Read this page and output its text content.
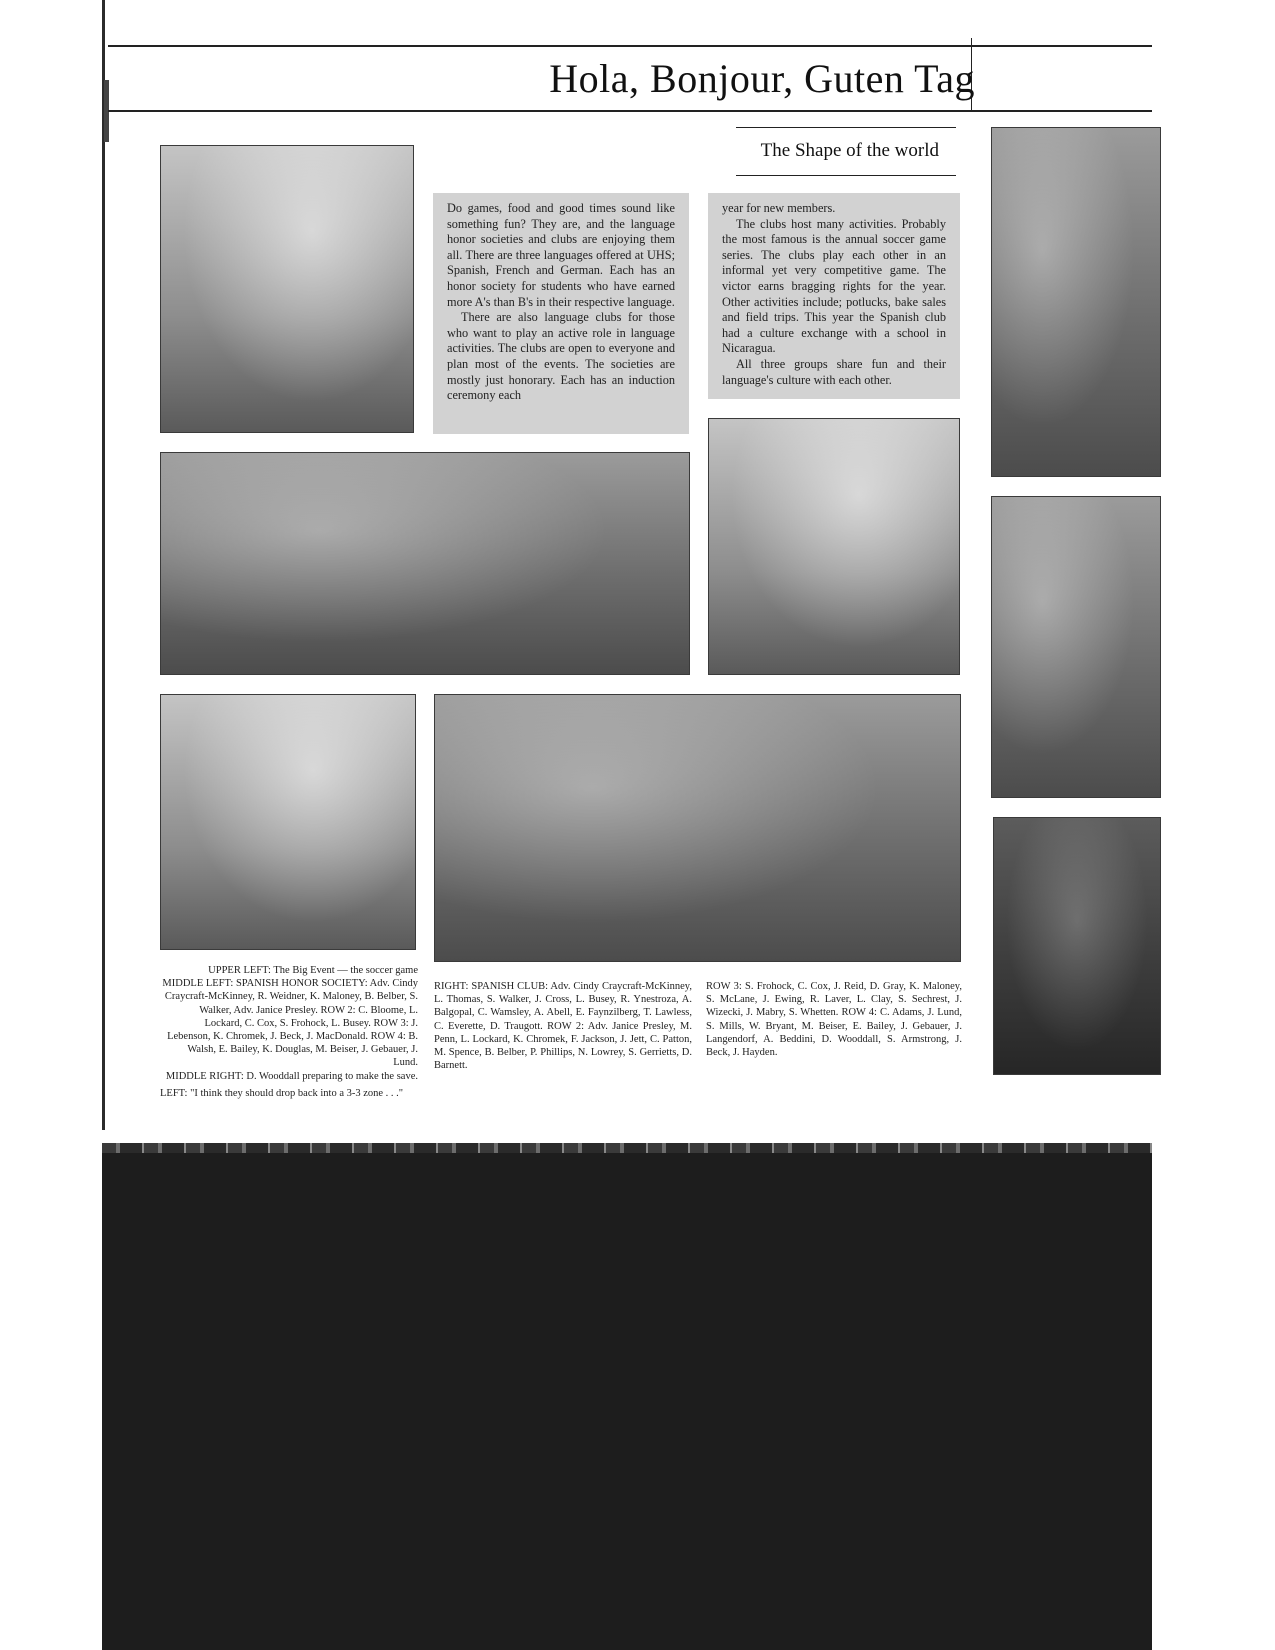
Hola, Bonjour, Guten Tag
The Shape of the world

Do games, food and good times sound like something fun? They are, and the language honor societies and clubs are enjoying them all. There are three languages offered at UHS; Spanish, French and German. Each has an honor society for students who have earned more A's than B's in their respective language.

There are also language clubs for those who want to play an active role in language activities. The clubs are open to everyone and plan most of the events. The societies are mostly just honorary. Each has an induction ceremony each

year for new members.

The clubs host many activities. Probably the most famous is the annual soccer game series. The clubs play each other in an informal yet very competitive game. The victor earns bragging rights for the year. Other activities include; potlucks, bake sales and field trips. This year the Spanish club had a culture exchange with a school in Nicaragua.

All three groups share fun and their language's culture with each other.

UPPER LEFT: The Big Event — the soccer game

MIDDLE LEFT: SPANISH HONOR SOCIETY: Adv. Cindy Craycraft-McKinney, R. Weidner, K. Maloney, B. Belber, S. Walker, Adv. Janice Presley. ROW 2: C. Bloome, L. Lockard, C. Cox, S. Frohock, L. Busey. ROW 3: J. Lebenson, K. Chromek, J. Beck, J. MacDonald. ROW 4: B. Walsh, E. Bailey, K. Douglas, M. Beiser, J. Gebauer, J. Lund.

MIDDLE RIGHT: D. Wooddall preparing to make the save.

LEFT: "I think they should drop back into a 3-3 zone . . ."

RIGHT: SPANISH CLUB: Adv. Cindy Craycraft-McKinney, L. Thomas, S. Walker, J. Cross, L. Busey, R. Ynestroza, A. Balgopal, C. Wamsley, A. Abell, E. Faynzilberg, T. Lawless, C. Everette, D. Traugott. ROW 2: Adv. Janice Presley, M. Penn, L. Lockard, K. Chromek, F. Jackson, J. Jett, C. Patton, M. Spence, B. Belber, P. Phillips, N. Lowrey, S. Gerrietts, D. Barnett.

ROW 3: S. Frohock, C. Cox, J. Reid, D. Gray, K. Maloney, S. McLane, J. Ewing, R. Laver, L. Clay, S. Sechrest, J. Wizecki, J. Mabry, S. Whetten. ROW 4: C. Adams, J. Lund, S. Mills, W. Bryant, M. Beiser, E. Bailey, J. Gebauer, J. Langendorf, A. Beddini, D. Wooddall, S. Armstrong, J. Beck, J. Hayden.
